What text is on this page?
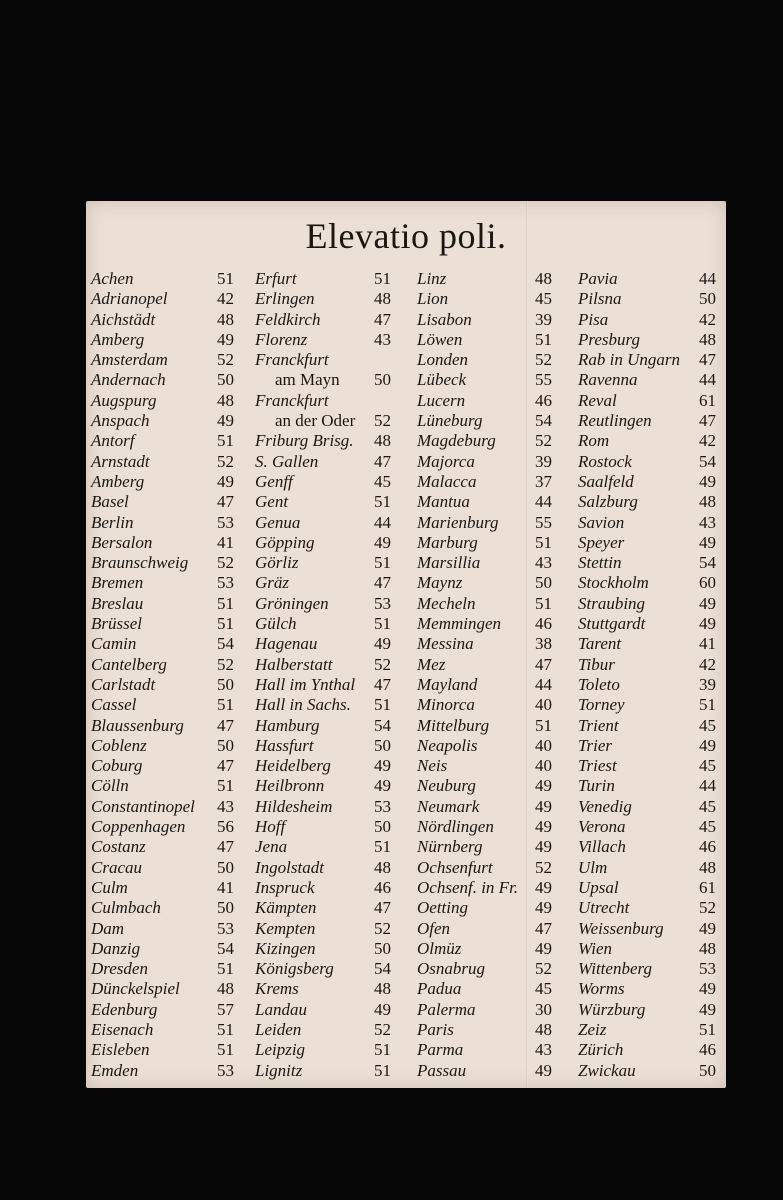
Elevatio poli.
Achen	51
Adrianopel	42
Aichstädt	48
Amberg	49
Amsterdam	52
Andernach	50
Augspurg	48
Anspach	49
Antorf	51
Arnstadt	52
Amberg	49
Basel	47
Berlin	53
Bersalon	41
Braunschweig 52
Bremen	53
Breslau	51
Brüssel	51
Camin	54
Cantelberg	52
Carlstadt	50
Cassel	51
Blaussenburg 47
Coblenz	50
Coburg	47
Cölln	51
Constantinopel 43
Coppenhagen 56
Costanz	47
Cracau	50
Culm	41
Culmbach	50
Dam	53
Danzig	54
Dresden	51
Dünckelspiel 48
Edenburg	57
Eisenach	51
Eisleben	51
Emden	53
Erfurt	51
Erlingen	48
Feldkirch	47
Florenz	43
Franckfurt
am Mayn 50
Franckfurt
an der Oder 52
Friburg Brisg. 48
S. Gallen	47
Genff	45
Gent	51
Genua	44
Göpping	49
Görliz	51
Gräz	47
Gröningen	53
Gülch	51
Hagenau	49
Halberstatt 52
Hall im Ynthal 47
Hall in Sachs. 51
Hamburg	54
Hassfurt	50
Heidelberg	49
Heilbronn	49
Hildesheim 53
Hoff	50
Jena	51
Ingolstadt	48
Inspruck	46
Kämpten	47
Kempten	52
Kizingen	50
Königsberg 54
Krems	48
Landau	49
Leiden	52
Leipzig	51
Lignitz	51
Linz	48
Lion	45
Lisabon	39
Löwen	51
Londen	52
Lübeck	55
Lucern	46
Lüneburg	54
Magdeburg 52
Majorca	39
Malacca	37
Mantua	44
Marienburg 55
Marburg	51
Marsillia	43
Maynz	50
Mecheln	51
Memmingen 46
Messina	38
Mez	47
Mayland	44
Minorca	40
Mittelburg	51
Neapolis	40
Neis	40
Neuburg	49
Neumark	49
Nördlingen 49
Nürnberg	49
Ochsenfurt 52
Ochsenf. in Fr. 49
Oetting	49
Ofen	47
Olmüz	49
Osnabrug	52
Padua	45
Palerma	30
Paris	48
Parma	43
Passau	49
Pavia	44
Pilsna	50
Pisa	42
Presburg	48
Rab in Ungarn 47
Ravenna	44
Reval	61
Reutlingen	47
Rom	42
Rostock	54
Saalfeld	49
Salzburg	48
Savion	43
Speyer	49
Stettin	54
Stockholm	60
Straubing	49
Stuttgardt	49
Tarent	41
Tibur	42
Toleto	39
Torney	51
Trient	45
Trier	49
Triest	45
Turin	44
Venedig	45
Verona	45
Villach	46
Ulm	48
Upsal	61
Utrecht	52
Weissenburg 49
Wien	48
Wittenberg	53
Worms	49
Würzburg	49
Zeiz	51
Zürich	46
Zwickau	50
